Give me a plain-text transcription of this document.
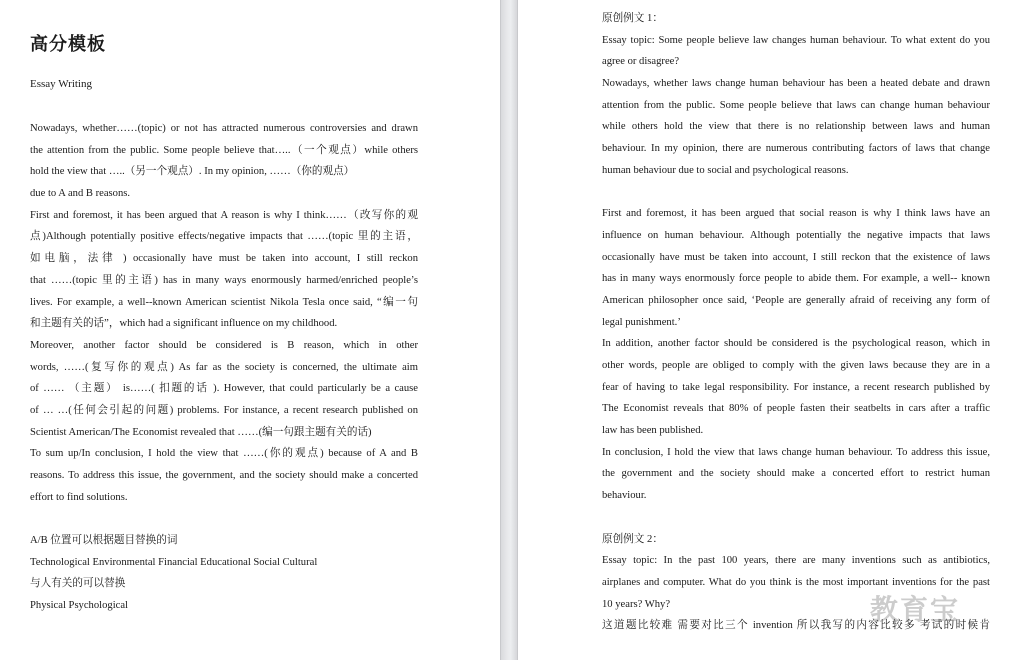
高分模板
Essay Writing
Nowadays, whether……(topic) or not has attracted numerous controversies and drawn
the attention from the public. Some people believe that…..（一个观点）while others
hold the view that …..（另一个观点）. In my opinion, ……（你的观点）
due to A and B reasons.
First and foremost, it has been argued that A reason is why I think……（改写你的观
点)Although potentially positive effects/negative impacts that ……(topic 里的主语，
如电脑，法律 ) occasionally have must be taken into account, I still reckon
that ……(topic 里的主语) has in many ways enormously harmed/enriched people’s
lives. For example, a well--known American scientist Nikola Tesla once said, “编一句
和主题有关的话”，which had a significant influence on my childhood.
Moreover, another factor should be considered is B reason, which in other
words, ……(复写你的观点) As far as the society is concerned, the ultimate aim
of …… （主题） is……( 扣题的话 ). However, that could particularly be a cause
of … …(任何会引起的问题) problems. For instance, a recent research published on
Scientist American/The Economist revealed that ……(编一句跟主题有关的话)
To sum up/In conclusion, I hold the view that ……(你的观点) because of A and B
reasons. To address this issue, the government, and the society should make a concerted
effort to find solutions.
A/B 位置可以根据题目替换的词
Technological Environmental Financial Educational Social Cultural
与人有关的可以替换
Physical Psychological
原创例文 1：
Essay topic: Some people believe law changes human behaviour. To what extent do you
agree or disagree?
Nowadays, whether laws change human behaviour has been a heated debate and drawn
attention from the public. Some people believe that laws can change human behaviour
while others hold the view that there is no relationship between laws and human
behaviour. In my opinion, there are numerous contributing factors of laws that change
human behaviour due to social and psychological reasons.
First and foremost, it has been argued that social reason is why I think laws have an
influence on human behaviour. Although potentially the negative impacts that laws
occasionally have must be taken into account, I still reckon that the existence of laws
has in many ways enormously force people to abide them. For example, a well-- known
American philosopher once said, ‘People are generally afraid of receiving any form of
legal punishment.’
In addition, another factor should be considered is the psychological reason, which in
other words, people are obliged to comply with the given laws because they are in a
fear of having to take legal responsibility. For instance, a recent research published by
The Economist reveals that 80% of people fasten their seatbelts in cars after a traffic
law has been published.
In conclusion, I hold the view that laws change human behaviour. To address this issue,
the government and the society should make a concerted effort to restrict human
behaviour.
原创例文 2：
Essay topic: In the past 100 years, there are many inventions such as antibiotics,
airplanes and computer. What do you think is the most important inventions for the past
10 years? Why?
这道题比较难 需要对比三个 invention 所以我写的内容比较多 考试的时候肯
教育宝
